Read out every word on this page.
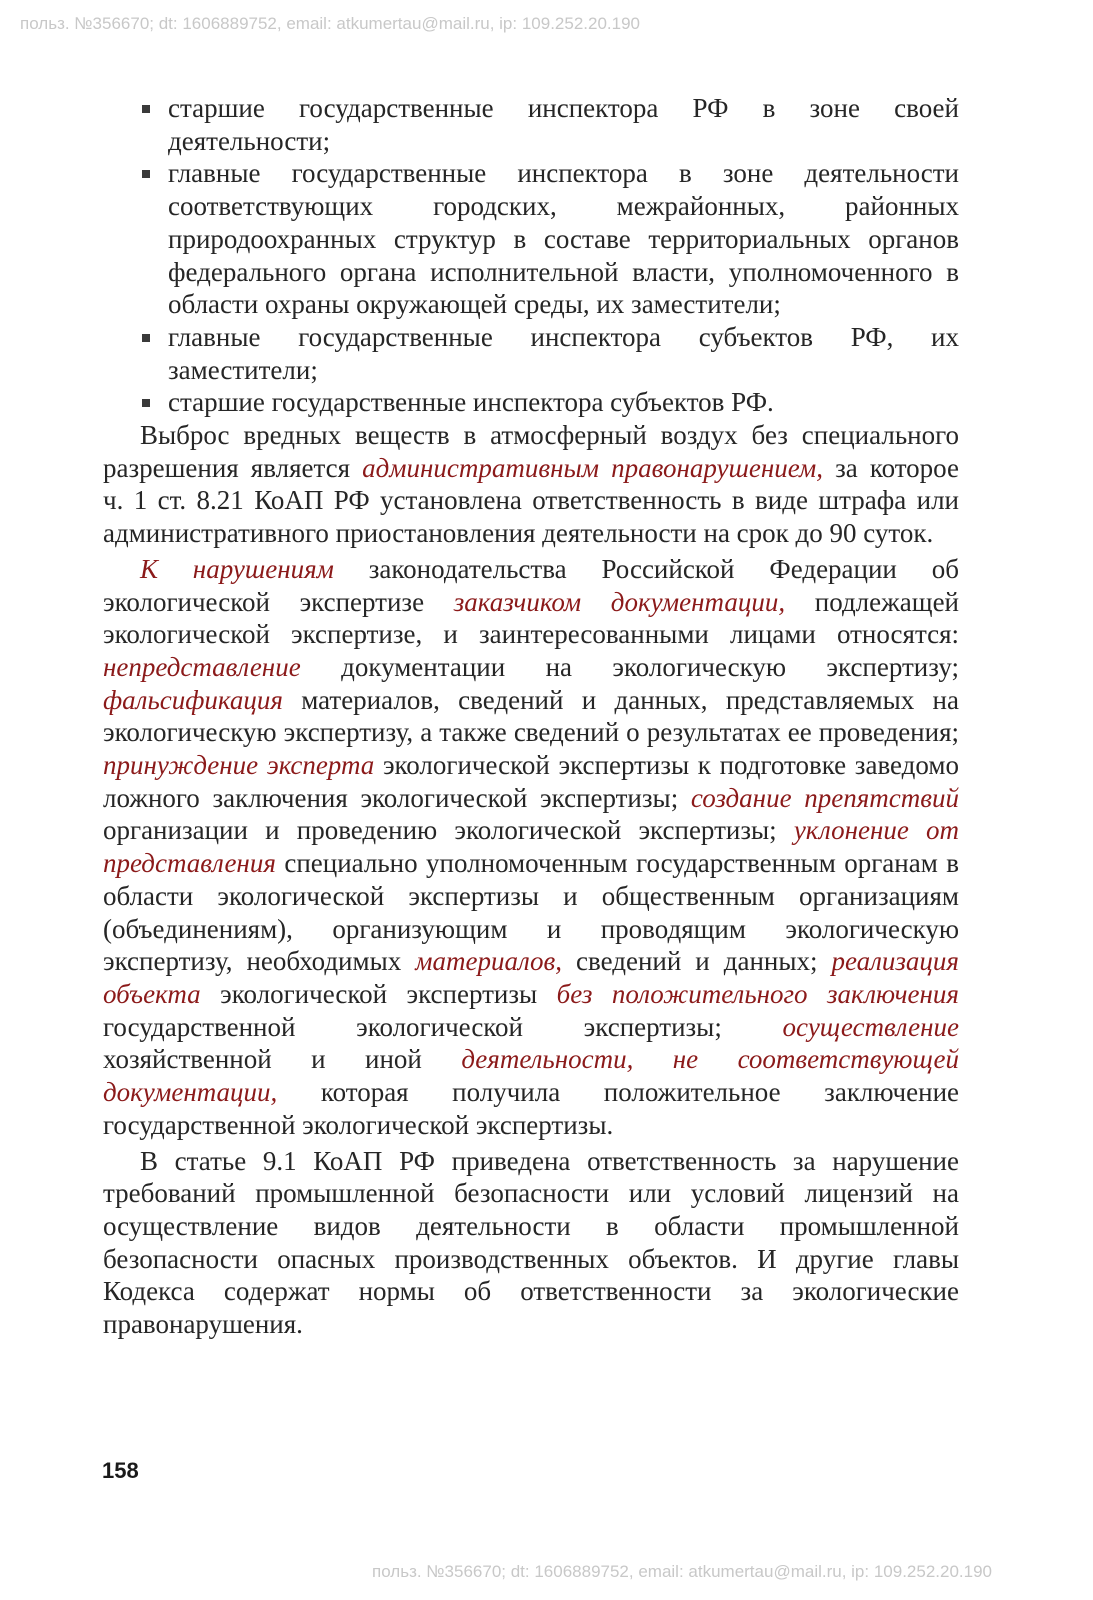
польз. №356670; dt: 1606889752, email: atkumertau@mail.ru, ip: 109.252.20.190
старшие государственные инспектора РФ в зоне своей деятельности;
главные государственные инспектора в зоне деятельности соответствующих городских, межрайонных, районных природоохранных структур в составе территориальных органов федерального органа исполнительной власти, уполномоченного в области охраны окружающей среды, их заместители;
главные государственные инспектора субъектов РФ, их заместители;
старшие государственные инспектора субъектов РФ.

Выброс вредных веществ в атмосферный воздух без специального разрешения является административным правонарушением, за которое ч. 1 ст. 8.21 КоАП РФ установлена ответственность в виде штрафа или административного приостановления деятельности на срок до 90 суток.

К нарушениям законодательства Российской Федерации об экологической экспертизе заказчиком документации, подлежащей экологической экспертизе, и заинтересованными лицами относятся: непредставление документации на экологическую экспертизу; фальсификация материалов, сведений и данных, представляемых на экологическую экспертизу, а также сведений о результатах ее проведения; принуждение эксперта экологической экспертизы к подготовке заведомо ложного заключения экологической экспертизы; создание препятствий организации и проведению экологической экспертизы; уклонение от представления специально уполномоченным государственным органам в области экологической экспертизы и общественным организациям (объединениям), организующим и проводящим экологическую экспертизу, необходимых материалов, сведений и данных; реализация объекта экологической экспертизы без положительного заключения государственной экологической экспертизы; осуществление хозяйственной и иной деятельности, не соответствующей документации, которая получила положительное заключение государственной экологической экспертизы.

В статье 9.1 КоАП РФ приведена ответственность за нарушение требований промышленной безопасности или условий лицензий на осуществление видов деятельности в области промышленной безопасности опасных производственных объектов. И другие главы Кодекса содержат нормы об ответственности за экологические правонарушения.

158
польз. №356670; dt: 1606889752, email: atkumertau@mail.ru, ip: 109.252.20.190
